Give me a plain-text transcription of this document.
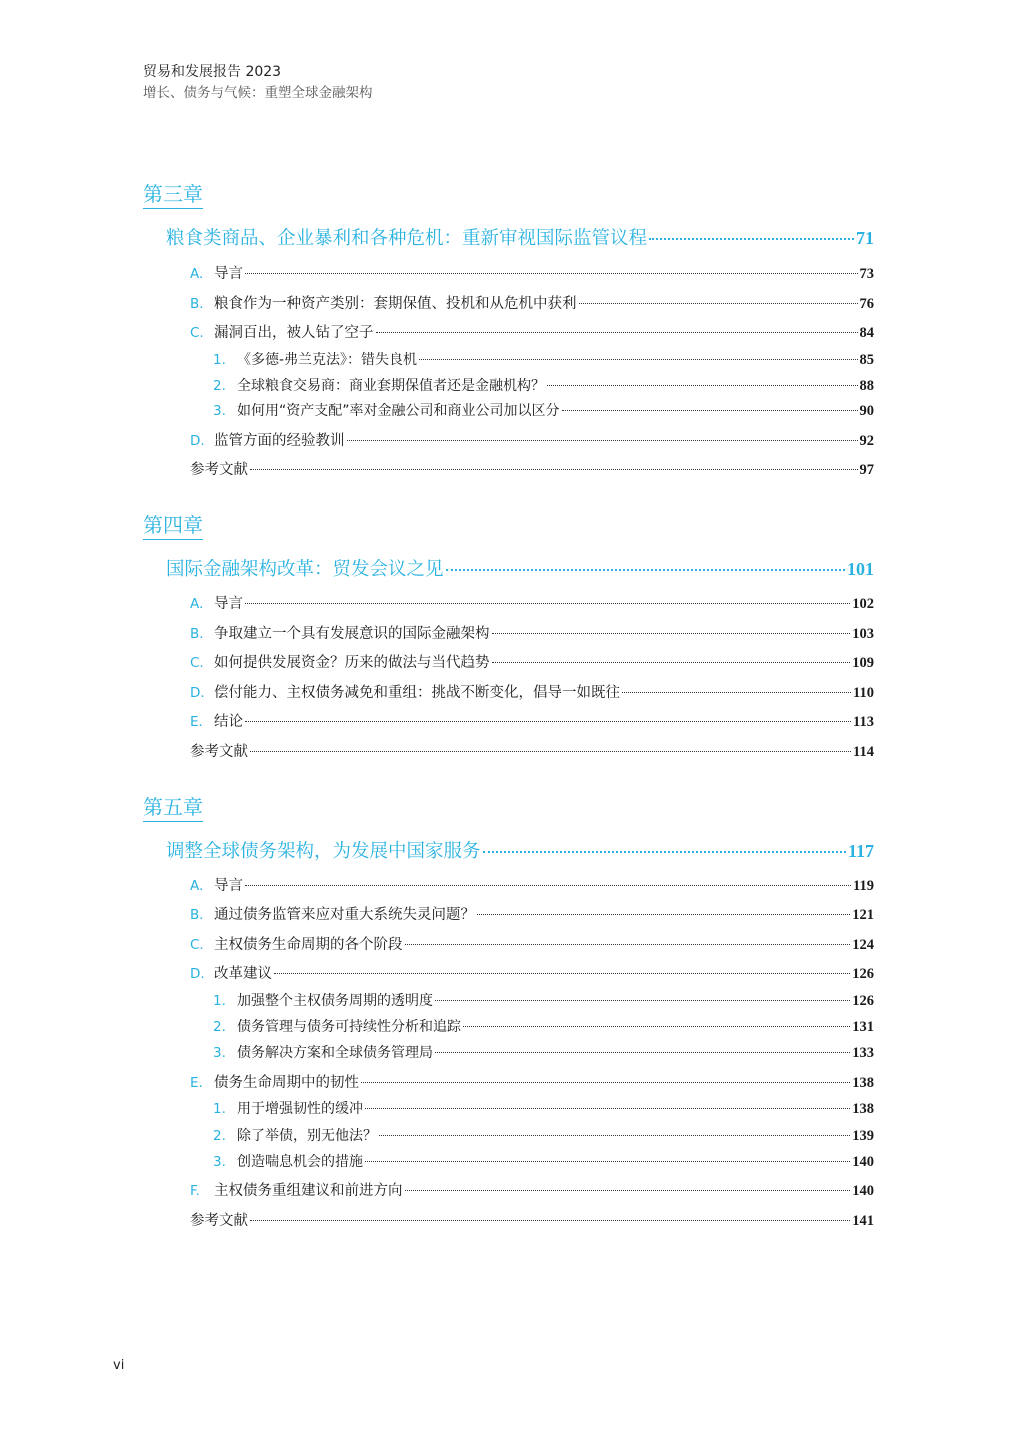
贸易和发展报告 2023
增长、债务与气候：重塑全球金融架构
第三章
粮食类商品、企业暴利和各种危机：重新审视国际监管议程	71
A. 导言	73
B. 粮食作为一种资产类别：套期保值、投机和从危机中获利	76
C. 漏洞百出，被人钻了空子	84
1. 《多德-弗兰克法》：错失良机	85
2. 全球粮食交易商：商业套期保值者还是金融机构？	88
3. 如何用“资产支配”率对金融公司和商业公司加以区分	90
D. 监管方面的经验教训	92
参考文献	97
第四章
国际金融架构改革：贸发会议之见	101
A. 导言	102
B. 争取建立一个具有发展意识的国际金融架构	103
C. 如何提供发展资金？历来的做法与当代趋势	109
D. 偿付能力、主权债务减免和重组：挑战不断变化，倡导一如既往	110
E. 结论	113
参考文献	114
第五章
调整全球债务架构，为发展中国家服务	117
A. 导言	119
B. 通过债务监管来应对重大系统失灵问题？	121
C. 主权债务生命周期的各个阶段	124
D. 改革建议	126
1. 加强整个主权债务周期的透明度	126
2. 债务管理与债务可持续性分析和追踪	131
3. 债务解决方案和全球债务管理局	133
E. 债务生命周期中的韧性	138
1. 用于增强韧性的缓冲	138
2. 除了举债，别无他法？	139
3. 创造喘息机会的措施	140
F. 主权债务重组建议和前进方向	140
参考文献	141
vi
